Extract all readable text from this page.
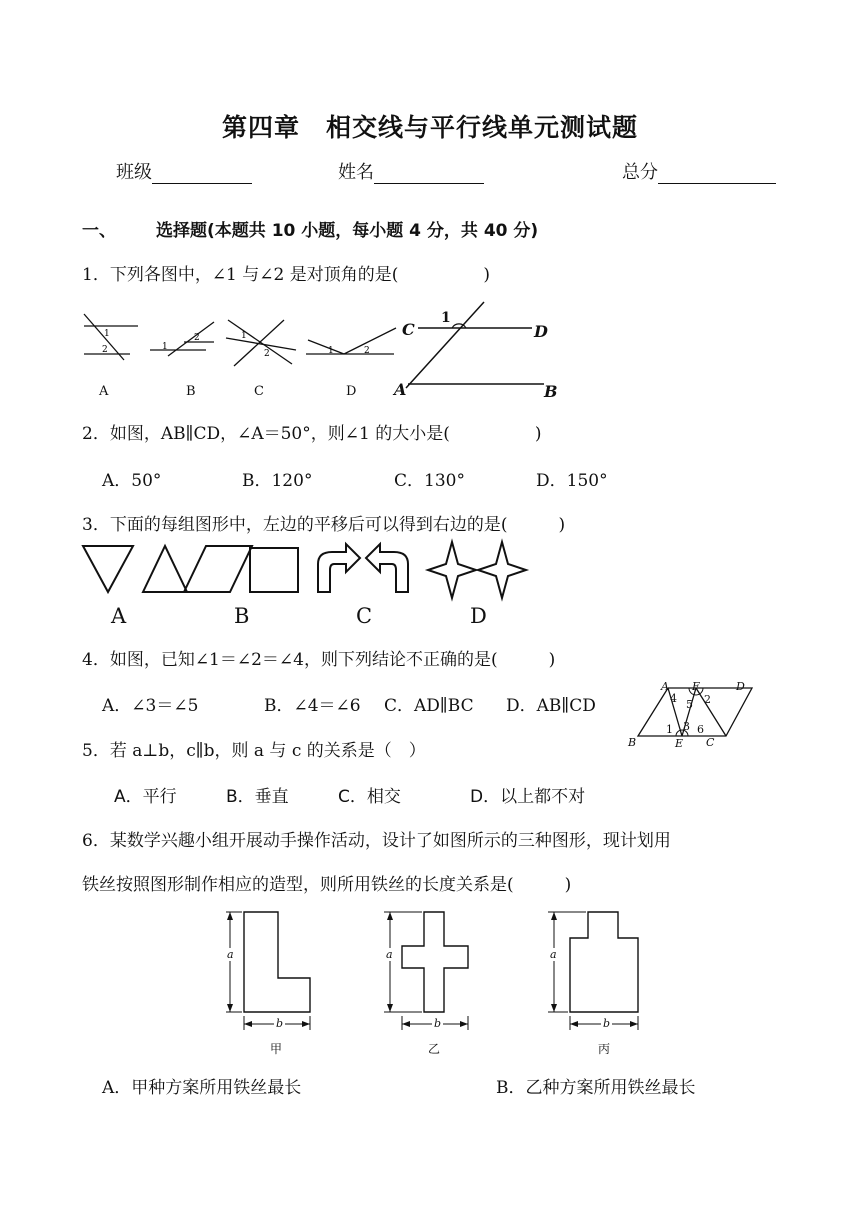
第四章　相交线与平行线单元测试题
班级	姓名	总分
一、 选择题(本题共 10 小题，每小题 4 分，共 40 分)
1．下列各图中，∠1 与∠2 是对顶角的是(　　　　　)
1
2	1
2	1
2	1	2
A	B	C	D
C	D
A	B
1
2．如图，AB∥CD，∠A＝50°，则∠1 的大小是(　　　　　)
A．50°	B．120°	C．130°	D．150°
3．下面的每组图形中，左边的平移后可以得到右边的是(　　　)
A	B	C	D
4．如图，已知∠1＝∠2＝∠4，则下列结论不正确的是(　　　)
A．∠3＝∠5	B．∠4＝∠6 C．AD∥BC D．AB∥CD
A F	D
B	E C
4 5 2
1 3 6
5．若 a⊥b，c∥b，则 a 与 c 的关系是（　）
A．平行	B．垂直	C．相交	D．以上都不对
6．某数学兴趣小组开展动手操作活动，设计了如图所示的三种图形，现计划用
铁丝按照图形制作相应的造型，则所用铁丝的长度关系是(　　　)
a
b
甲
a
b
乙
a
b
丙
A．甲种方案所用铁丝最长	B．乙种方案所用铁丝最长
